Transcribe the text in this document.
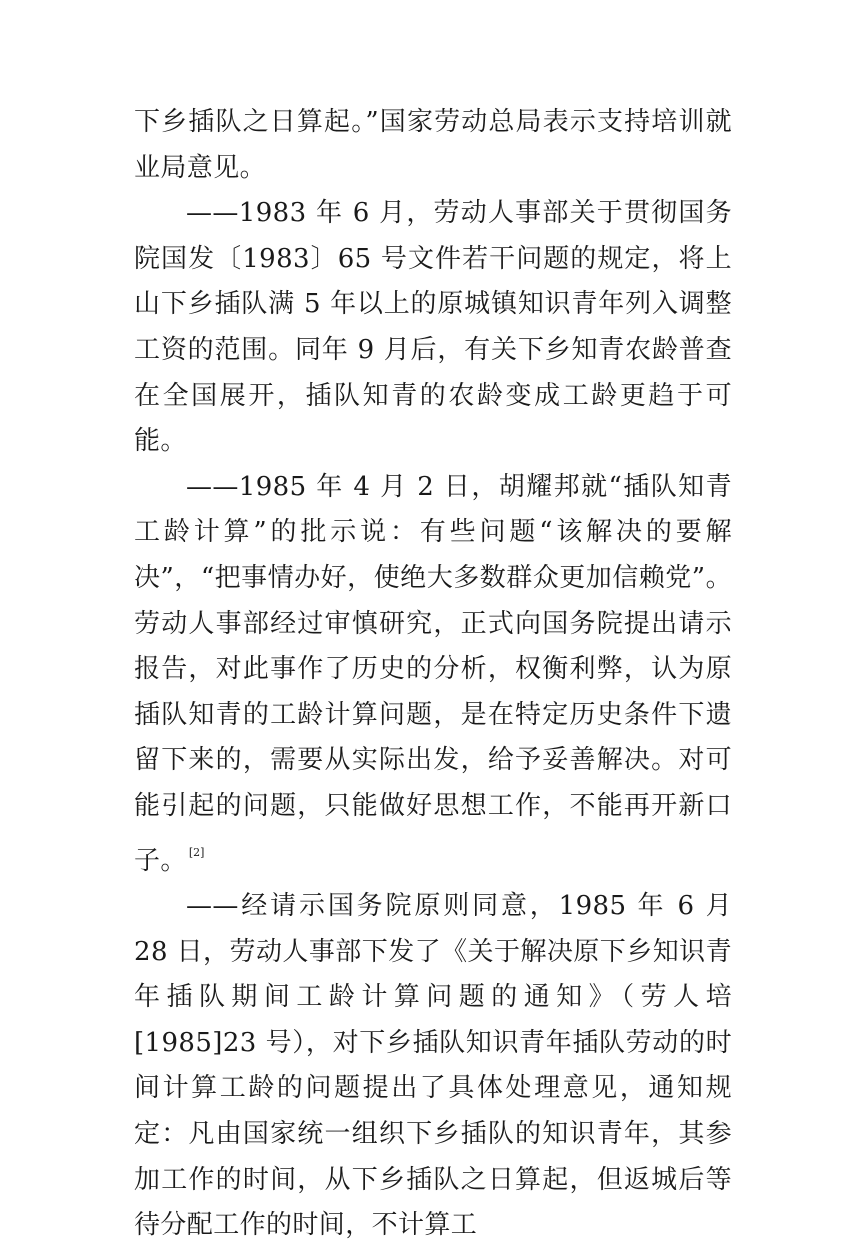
下乡插队之日算起。”国家劳动总局表示支持培训就业局意见。

——1983 年 6 月，劳动人事部关于贯彻国务院国发〔1983〕65 号文件若干问题的规定，将上山下乡插队满 5 年以上的原城镇知识青年列入调整工资的范围。同年 9 月后，有关下乡知青农龄普查在全国展开，插队知青的农龄变成工龄更趋于可能。

——1985 年 4 月 2 日，胡耀邦就“插队知青工龄计算”的批示说：有些问题“该解决的要解决”，“把事情办好，使绝大多数群众更加信赖党”。劳动人事部经过审慎研究，正式向国务院提出请示报告，对此事作了历史的分析，权衡利弊，认为原插队知青的工龄计算问题，是在特定历史条件下遗留下来的，需要从实际出发，给予妥善解决。对可能引起的问题，只能做好思想工作，不能再开新口子。 [2]

——经请示国务院原则同意，1985 年 6 月 28 日，劳动人事部下发了《关于解决原下乡知识青年插队期间工龄计算问题的通知》（劳人培[1985]23 号），对下乡插队知识青年插队劳动的时间计算工龄的问题提出了具体处理意见，通知规定：凡由国家统一组织下乡插队的知识青年，其参加工作的时间，从下乡插队之日算起，但返城后等待分配工作的时间，不计算工
